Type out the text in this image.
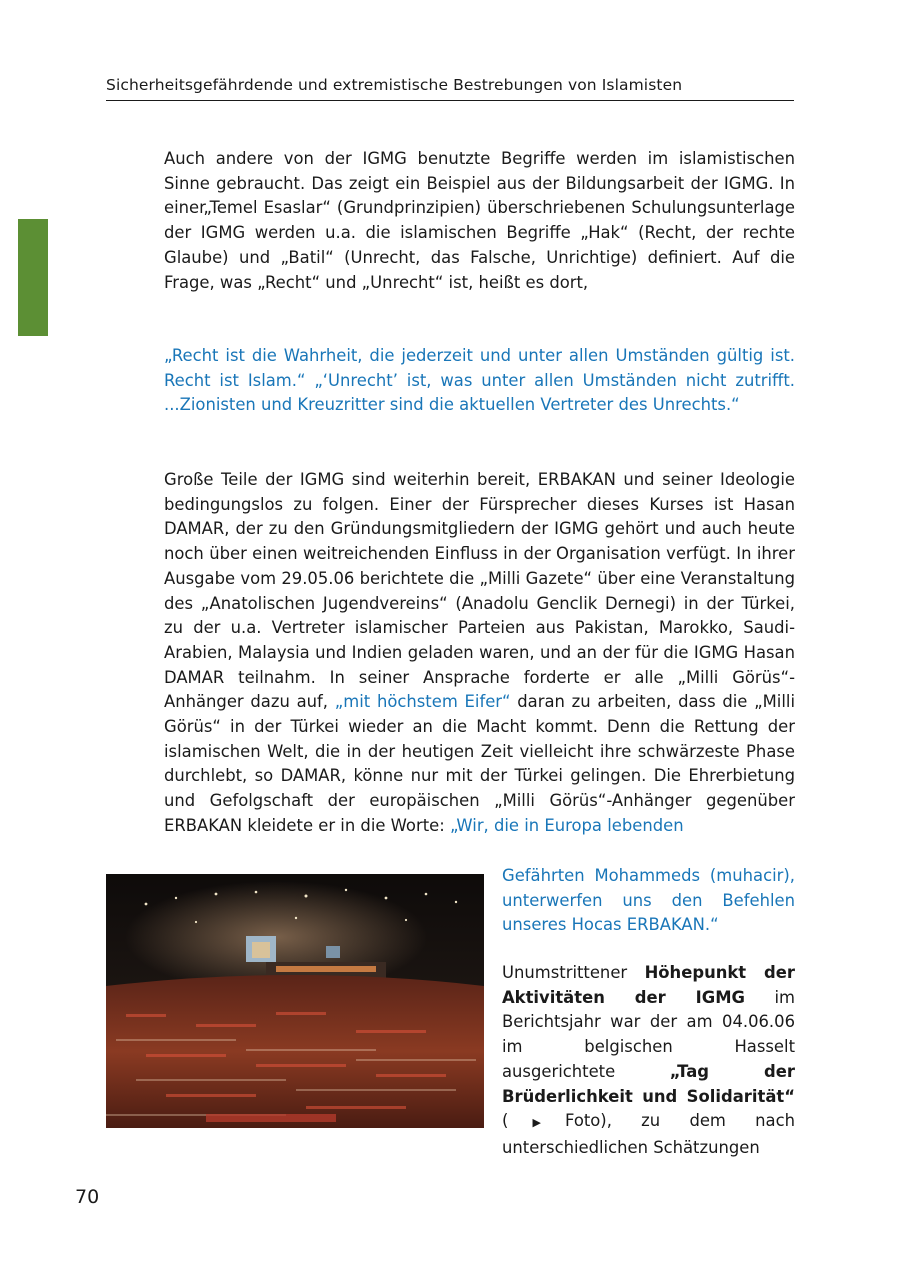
Sicherheitsgefährdende und extremistische Bestrebungen von Islamisten
Auch andere von der IGMG benutzte Begriffe werden im islamistischen Sinne gebraucht. Das zeigt ein Beispiel aus der Bildungsarbeit der IGMG. In einer„Temel Esaslar“ (Grundprinzipien) überschriebenen Schulungsunterlage der IGMG werden u.a. die islamischen Begriffe „Hak“ (Recht, der rechte Glaube) und „Batil“ (Unrecht, das Falsche, Unrichtige) definiert. Auf die Frage, was „Recht“ und „Unrecht“ ist, heißt es dort,
„Recht ist die Wahrheit, die jederzeit und unter allen Umständen gültig ist. Recht ist Islam.“ „‘Unrecht’ ist, was unter allen Umständen nicht zutrifft. ...Zionisten und Kreuzritter sind die aktuellen Vertreter des Unrechts.“
Große Teile der IGMG sind weiterhin bereit, ERBAKAN und seiner Ideologie bedingungslos zu folgen. Einer der Fürsprecher dieses Kurses ist Hasan DAMAR, der zu den Gründungsmitgliedern der IGMG gehört und auch heute noch über einen weitreichenden Einfluss in der Organisation verfügt. In ihrer Ausgabe vom 29.05.06 berichtete die „Milli Gazete“ über eine Veranstaltung des „Anatolischen Jugendvereins“ (Anadolu Genclik Dernegi) in der Türkei, zu der u.a. Vertreter islamischer Parteien aus Pakistan, Marokko, Saudi-Arabien, Malaysia und Indien geladen waren, und an der für die IGMG Hasan DAMAR teilnahm. In seiner Ansprache forderte er alle „Milli Görüs“-Anhänger dazu auf, „mit höchstem Eifer“ daran zu arbeiten, dass die „Milli Görüs“ in der Türkei wieder an die Macht kommt. Denn die Rettung der islamischen Welt, die in der heutigen Zeit vielleicht ihre schwärzeste Phase durchlebt, so DAMAR, könne nur mit der Türkei gelingen. Die Ehrerbietung und Gefolgschaft der europäischen „Milli Görüs“-Anhänger gegenüber ERBAKAN kleidete er in die Worte: „Wir, die in Europa lebenden
Gefährten Mohammeds (muhacir), unterwerfen uns den Befehlen unseres Hocas ERBAKAN.“
Unumstrittener Höhepunkt der Aktivitäten der IGMG im Berichtsjahr war der am 04.06.06 im belgischen Hasselt ausgerichtete	„Tag der Brüderlichkeit und Solidarität“ (▶Foto), zu dem nach unterschiedlichen Schätzungen
70
